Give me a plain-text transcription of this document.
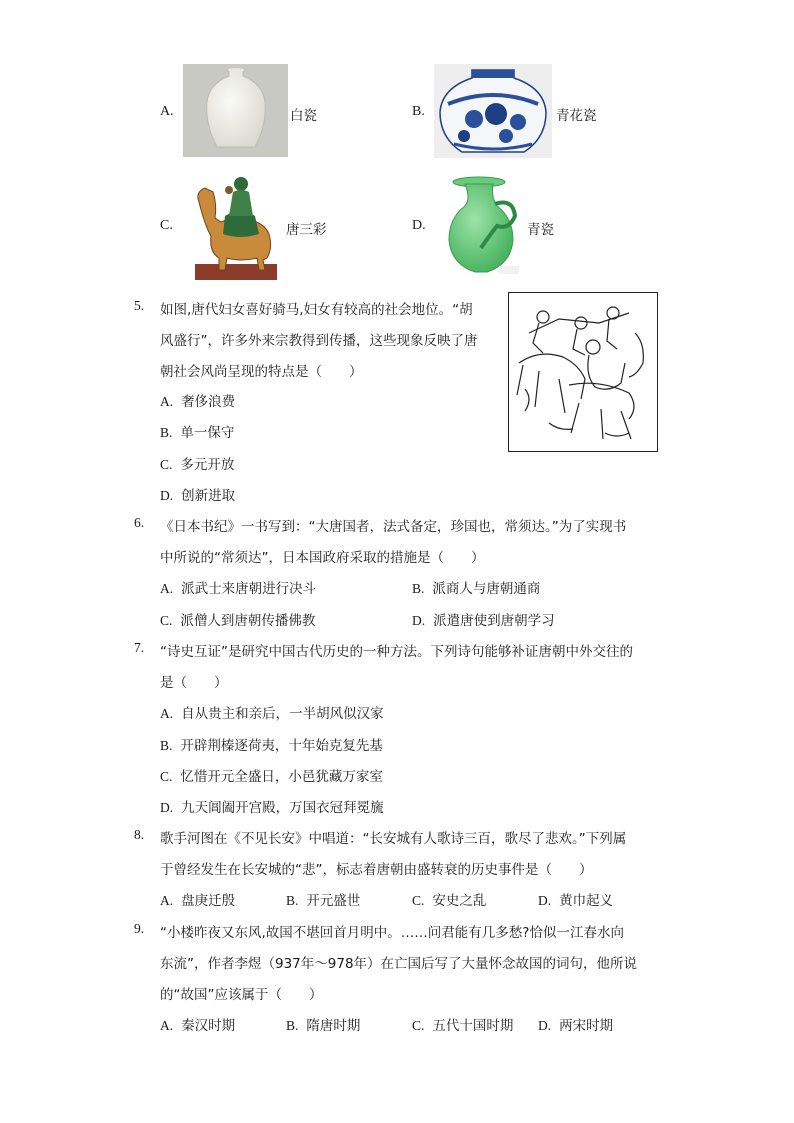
A.	白瓷	B.	青花瓷
C.	唐三彩	D.	青瓷
5. 如图,唐代妇女喜好骑马,妇女有较高的社会地位。“胡
风盛行”，许多外来宗教得到传播，这些现象反映了唐
朝社会风尚呈现的特点是（　　）
A. 奢侈浪费
B. 单一保守
C. 多元开放
D. 创新进取
6. 《日本书纪》一书写到：“大唐国者，法式备定，珍国也，常须达。”为了实现书
中所说的“常须达”，日本国政府采取的措施是（　　）
A. 派武士来唐朝进行决斗	B. 派商人与唐朝通商
C. 派僧人到唐朝传播佛教	D. 派遣唐使到唐朝学习
7. “诗史互证”是研究中国古代历史的一种方法。下列诗句能够补证唐朝中外交往的
是（　　）
A. 自从贵主和亲后，一半胡风似汉家
B. 开辟荆榛逐荷夷，十年始克复先基
C. 忆惜开元全盛日，小邑犹藏万家室
D. 九天阊阖开宫殿，万国衣冠拜冕旒
8. 歌手河图在《不见长安》中唱道：“长安城有人歌诗三百，歌尽了悲欢。”下列属
于曾经发生在长安城的“悲”，标志着唐朝由盛转衰的历史事件是（　　）
A. 盘庚迁殷	B. 开元盛世	C. 安史之乱	D. 黄巾起义
9. “小楼昨夜又东风,故国不堪回首月明中。……问君能有几多愁?恰似一江春水向
东流”，作者李煜（937年～978年）在亡国后写了大量怀念故国的词句，他所说
的“故国”应该属于（　　）
A. 秦汉时期	B. 隋唐时期	C. 五代十国时期 D. 两宋时期
